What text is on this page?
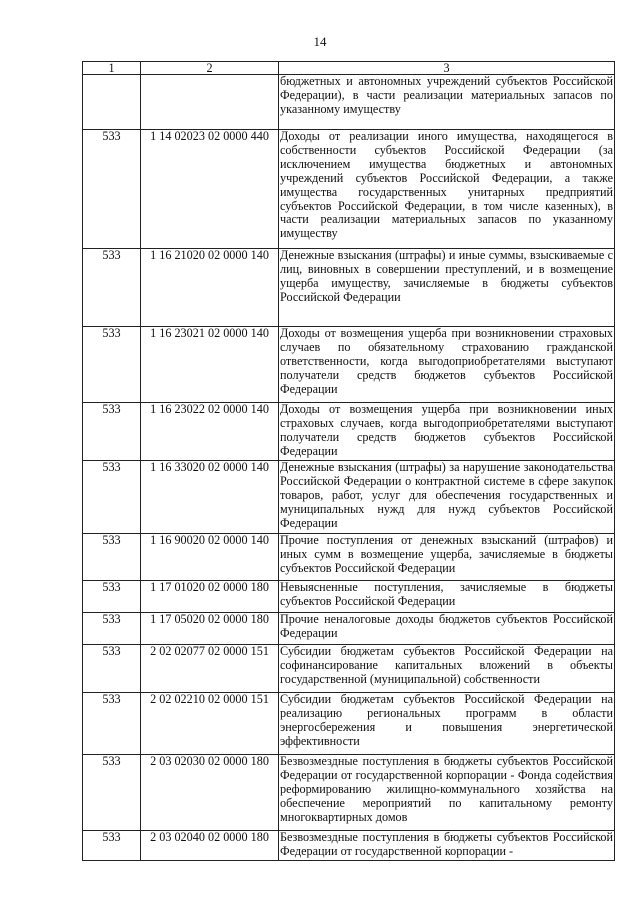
14
1	2	3
		бюджетных и автономных учреждений субъектов Российской Федерации), в части реализации материальных запасов по указанному имуществу
533	1 14 02023 02 0000 440	Доходы от реализации иного имущества, находящегося в собственности субъектов Российской Федерации (за исключением имущества бюджетных и автономных учреждений субъектов Российской Федерации, а также имущества государственных унитарных предприятий субъектов Российской Федерации, в том числе казенных), в части реализации материальных запасов по указанному имуществу
533	1 16 21020 02 0000 140	Денежные взыскания (штрафы) и иные суммы, взыскиваемые с лиц, виновных в совершении преступлений, и в возмещение ущерба имуществу, зачисляемые в бюджеты субъектов Российской Федерации
533	1 16 23021 02 0000 140	Доходы от возмещения ущерба при возникновении страховых случаев по обязательному страхованию гражданской ответственности, когда выгодоприобретателями выступают получатели средств бюджетов субъектов Российской Федерации
533	1 16 23022 02 0000 140	Доходы от возмещения ущерба при возникновении иных страховых случаев, когда выгодоприобретателями выступают получатели средств бюджетов субъектов Российской Федерации
533	1 16 33020 02 0000 140	Денежные взыскания (штрафы) за нарушение законодательства Российской Федерации о контрактной системе в сфере закупок товаров, работ, услуг для обеспечения государственных и муниципальных нужд для нужд субъектов Российской Федерации
533	1 16 90020 02 0000 140	Прочие поступления от денежных взысканий (штрафов) и иных сумм в возмещение ущерба, зачисляемые в бюджеты субъектов Российской Федерации
533	1 17 01020 02 0000 180	Невыясненные поступления, зачисляемые в бюджеты субъектов Российской Федерации
533	1 17 05020 02 0000 180	Прочие неналоговые доходы бюджетов субъектов Российской Федерации
533	2 02 02077 02 0000 151	Субсидии бюджетам субъектов Российской Федерации на софинансирование капитальных вложений в объекты государственной (муниципальной) собственности
533	2 02 02210 02 0000 151	Субсидии бюджетам субъектов Российской Федерации на реализацию региональных программ в области энергосбережения и повышения энергетической эффективности
533	2 03 02030 02 0000 180	Безвозмездные поступления в бюджеты субъектов Российской Федерации от государственной корпорации - Фонда содействия реформированию жилищно-коммунального хозяйства на обеспечение мероприятий по капитальному ремонту многоквартирных домов
533	2 03 02040 02 0000 180	Безвозмездные поступления в бюджеты субъектов Российской Федерации от государственной корпорации -
